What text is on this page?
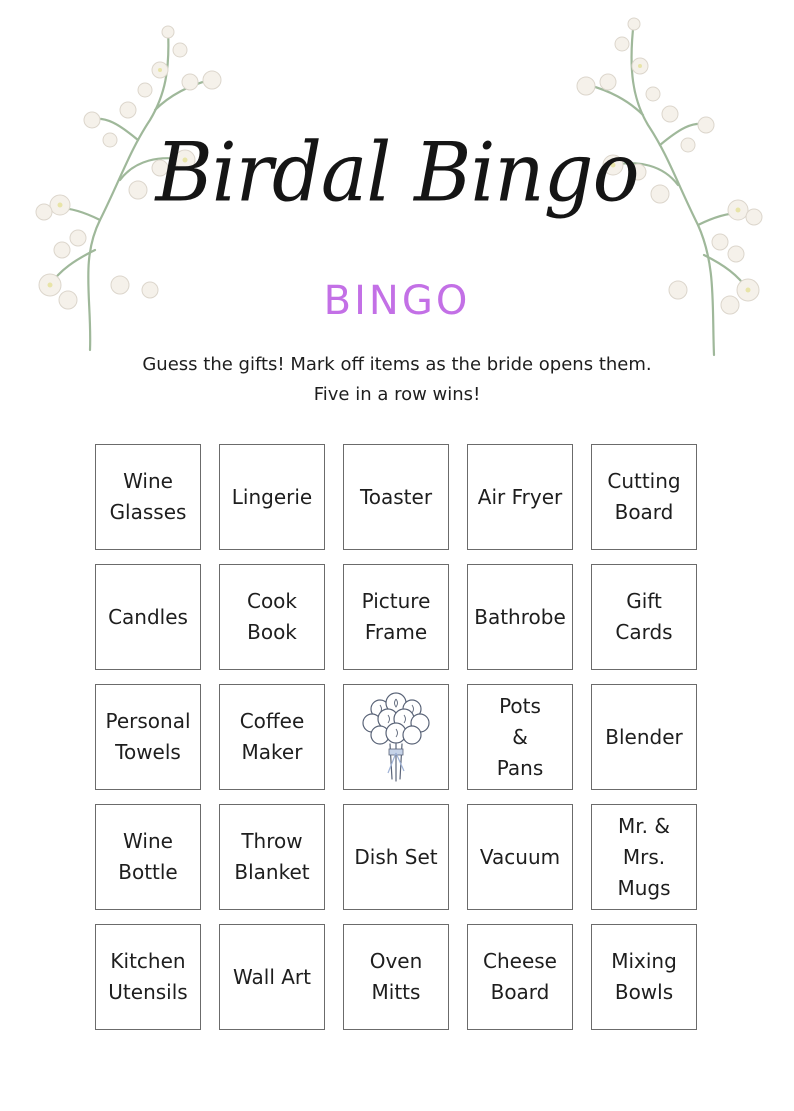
Birdal Bingo
BINGO
Guess the gifts! Mark off items as the bride opens them.
Five in a row wins!
Wine
Glasses
Lingerie Toaster Air Fryer
Cutting
Board
Candles
Cook
Book
Picture
Frame
Bathrobe
Gift
Cards
Personal
Towels
Coffee
Maker
Pots
&
Pans
Blender
Wine
Bottle
Throw
Blanket
Dish Set Vacuum
Mr. &
Mrs. Mugs
Kitchen
Utensils
Wall Art
Oven
Mitts
Cheese
Board
Mixing
Bowls
